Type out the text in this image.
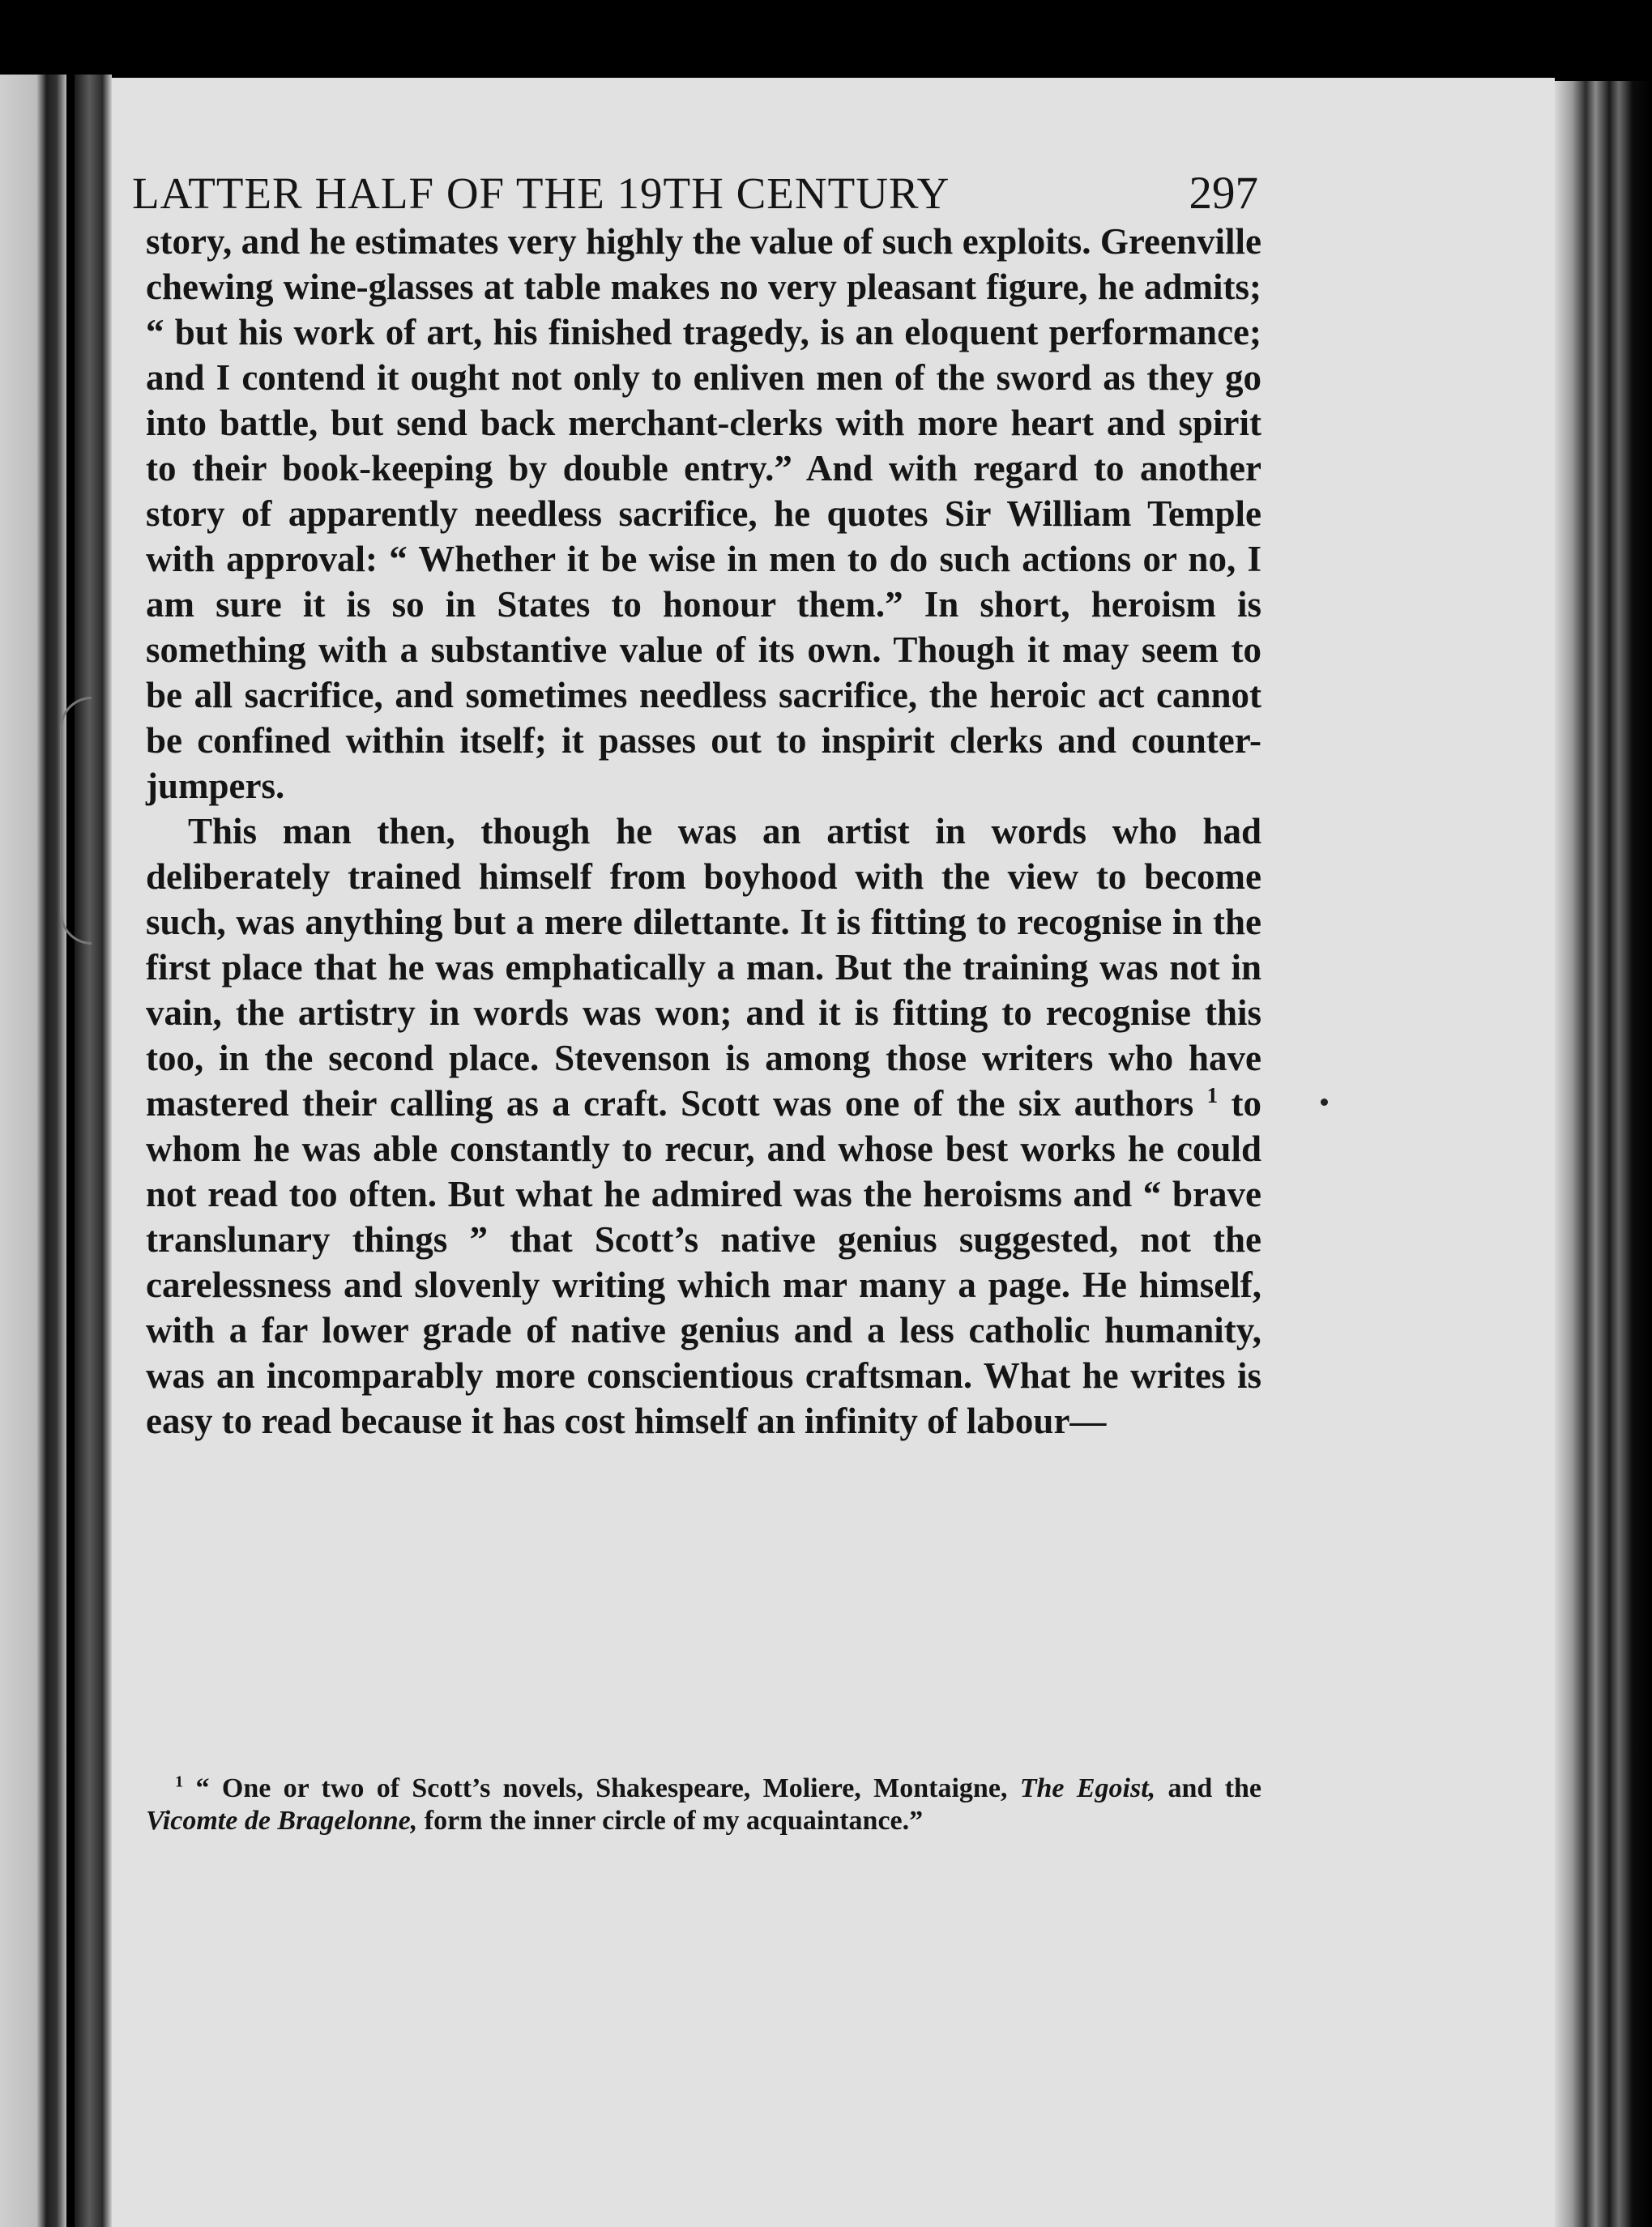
LATTER HALF OF THE 19TH CENTURY	297

story, and he estimates very highly the value of such exploits. Greenville chewing wine-glasses at table makes no very pleasant figure, he admits; “ but his work of art, his finished tragedy, is an eloquent performance; and I contend it ought not only to enliven men of the sword as they go into battle, but send back merchant-clerks with more heart and spirit to their book-keeping by double entry.” And with regard to another story of apparently needless sacrifice, he quotes Sir William Temple with approval: “ Whether it be wise in men to do such actions or no, I am sure it is so in States to honour them.” In short, heroism is something with a substantive value of its own. Though it may seem to be all sacrifice, and sometimes needless sacrifice, the heroic act cannot be confined within itself; it passes out to inspirit clerks and counter-jumpers.

This man then, though he was an artist in words who had deliberately trained himself from boyhood with the view to become such, was anything but a mere dilettante. It is fitting to recognise in the first place that he was emphatically a man. But the training was not in vain, the artistry in words was won; and it is fitting to recognise this too, in the second place. Stevenson is among those writers who have mastered their calling as a craft. Scott was one of the six authors $^1$ to whom he was able constantly to recur, and whose best works he could not read too often. But what he admired was the heroisms and “ brave translunary things ” that Scott’s native genius suggested, not the carelessness and slovenly writing which mar many a page. He himself, with a far lower grade of native genius and a less catholic humanity, was an incomparably more conscientious craftsman. What he writes is easy to read because it has cost himself an infinity of labour—

$^1$ “ One or two of Scott’s novels, Shakespeare, Moliere, Montaigne, The Egoist, and the Vicomte de Bragelonne, form the inner circle of my acquaintance.”
